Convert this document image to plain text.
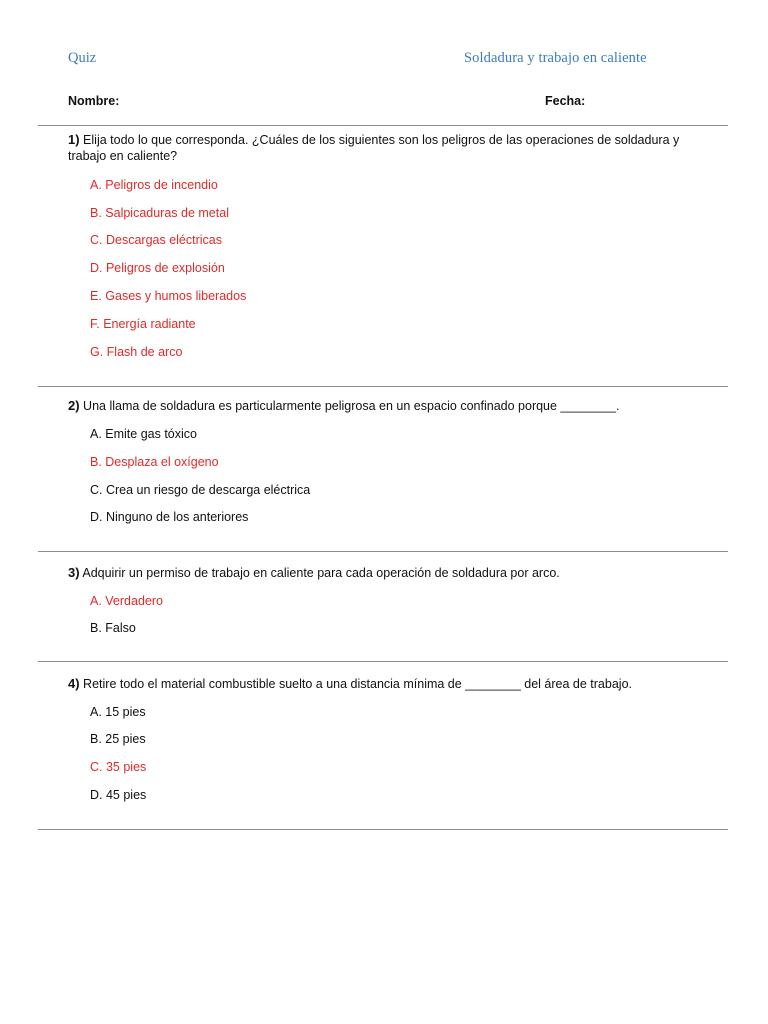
Quiz	Soldadura y trabajo en caliente
Nombre:	Fecha:
1) Elija todo lo que corresponda. ¿Cuáles de los siguientes son los peligros de las operaciones de soldadura y trabajo en caliente?
A. Peligros de incendio
B. Salpicaduras de metal
C. Descargas eléctricas
D. Peligros de explosión
E. Gases y humos liberados
F. Energía radiante
G. Flash de arco
2) Una llama de soldadura es particularmente peligrosa en un espacio confinado porque ________.
A. Emite gas tóxico
B. Desplaza el oxígeno
C. Crea un riesgo de descarga eléctrica
D. Ninguno de los anteriores
3) Adquirir un permiso de trabajo en caliente para cada operación de soldadura por arco.
A. Verdadero
B. Falso
4) Retire todo el material combustible suelto a una distancia mínima de ________ del área de trabajo.
A. 15 pies
B. 25 pies
C. 35 pies
D. 45 pies
